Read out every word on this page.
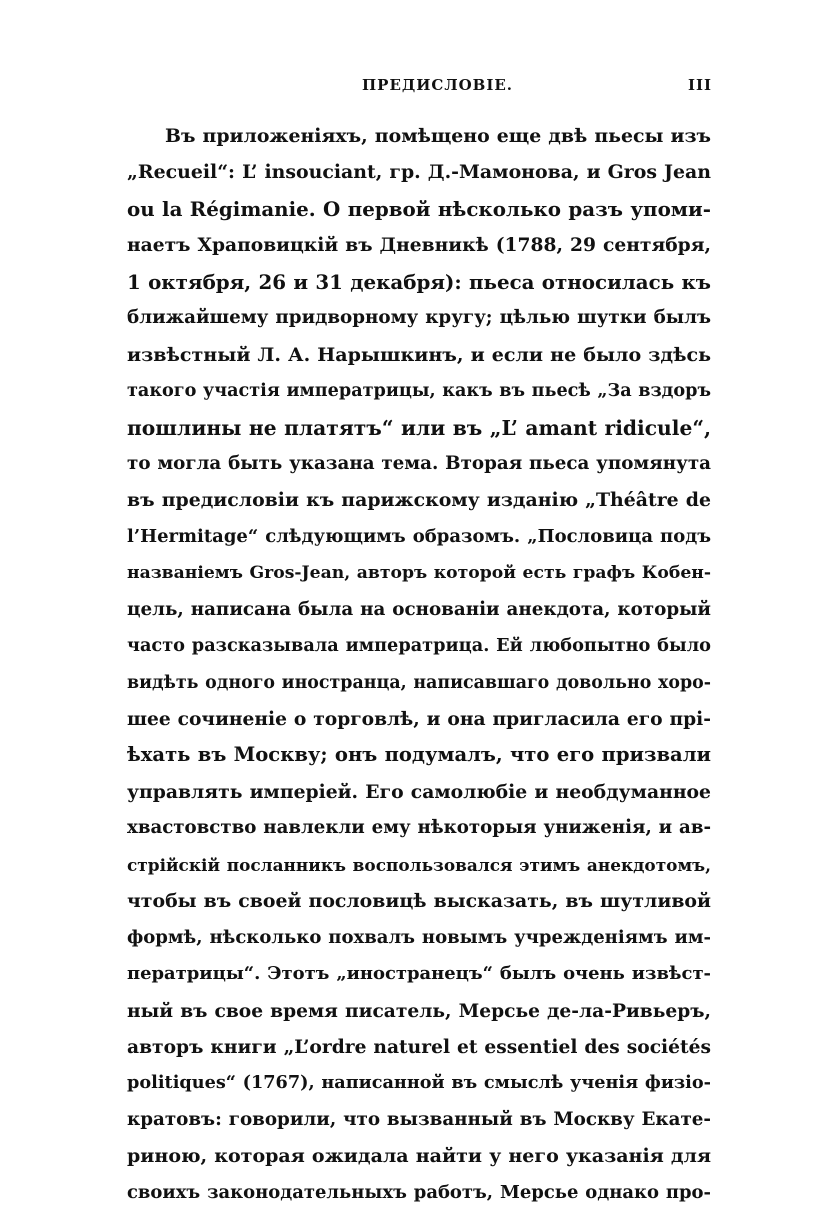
ПРЕДИСЛОВІЕ.	III
Въ приложеніяхъ, помѣщено еще двѣ пьесы изъ
„Recueil“: L’ insouciant, гр. Д.-Мамонова, и Gros Jean
ou la Régimanie. О первой нѣсколько разъ упоми-
наетъ Храповицкій въ Дневникѣ (1788, 29 сентября,
1 октября, 26 и 31 декабря): пьеса относилась къ
ближайшему придворному кругу; цѣлью шутки былъ
извѣстный Л. А. Нарышкинъ, и если не было здѣсь
такого участія императрицы, какъ въ пьесѣ „За вздоръ
пошлины не платятъ“ или въ „L’ amant ridicule“,
то могла быть указана тема. Вторая пьеса упомянута
въ предисловіи къ парижскому изданію „Théâtre de
l’Hermitage“ слѣдующимъ образомъ. „Пословица подъ
названіемъ Gros-Jean, авторъ которой есть графъ Кобен-
цель, написана была на основаніи анекдота, который
часто разсказывала императрица. Ей любопытно было
видѣть одного иностранца, написавшаго довольно хоро-
шее сочиненіе о торговлѣ, и она пригласила его прі-
ѣхать въ Москву; онъ подумалъ, что его призвали
управлять имперіей. Его самолюбіе и необдуманное
хвастовство навлекли ему нѣкоторыя униженія, и ав-
стрійскій посланникъ воспользовался этимъ анекдотомъ,
чтобы въ своей пословицѣ высказать, въ шутливой
формѣ, нѣсколько похвалъ новымъ учрежденіямъ им-
ператрицы“. Этотъ „иностранецъ“ былъ очень извѣст-
ный въ свое время писатель, Мерсье де-ла-Ривьеръ,
авторъ книги „L’ordre naturel et essentiel des sociétés
politiques“ (1767), написанной въ смыслѣ ученія физіо-
кратовъ: говорили, что вызванный въ Москву Екате-
риною, которая ожидала найти у него указанія для
своихъ законодательныхъ работъ, Мерсье однако про-
